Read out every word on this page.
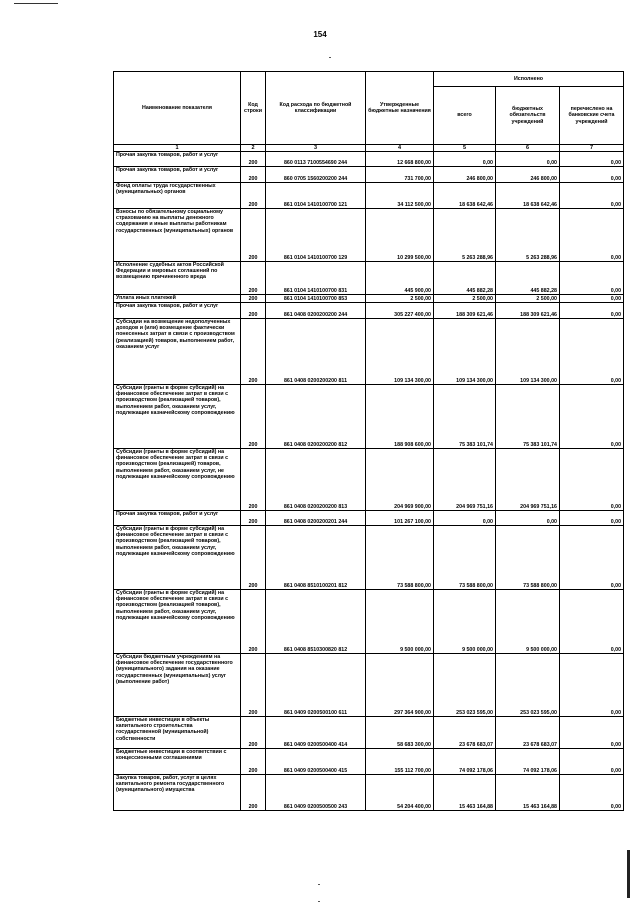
154
Наименование показателя	Код строки	Код расхода по бюджетной классификации	Утвержденные бюджетные назначения	Исполнено		
				всего	бюджетных обязательств учреждений	перечислено на банковские счета учреждений
1	2	3	4	5	6	7
Прочая закупка товаров, работ и услуг	200	860 0113 7100554690 244	12 668 800,00	0,00	0,00	0,00
Прочая закупка товаров, работ и услуг	200	860 0705 1560200200 244	731 700,00	246 800,00	246 800,00	0,00
Фонд оплаты труда государственных (муниципальных) органов	200	861 0104 1410100700 121	34 112 500,00	18 638 642,46	18 638 642,46	0,00
Взносы по обязательному социальному страхованию на выплаты денежного содержания и иные выплаты работникам государственных (муниципальных) органов	200	861 0104 1410100700 129	10 299 500,00	5 263 288,96	5 263 288,96	0,00
Исполнение судебных актов Российской Федерации и мировых соглашений по возмещению причиненного вреда	200	861 0104 1410100700 831	445 900,00	445 882,28	445 882,28	0,00
Уплата иных платежей	200	861 0104 1410100700 853	2 500,00	2 500,00	2 500,00	0,00
Прочая закупка товаров, работ и услуг	200	861 0408 0200200200 244	305 227 400,00	188 309 621,46	188 309 621,46	0,00
Субсидии на возмещение недополученных доходов и (или) возмещение фактически понесенных затрат в связи с производством (реализацией) товаров, выполнением работ, оказанием услуг	200	861 0408 0200200200 811	109 134 300,00	109 134 300,00	109 134 300,00	0,00
Субсидии (гранты в форме субсидий) на финансовое обеспечение затрат в связи с производством (реализацией товаров), выполнением работ, оказанием услуг, подлежащие казначейскому сопровождению	200	861 0408 0200200200 812	188 908 600,00	75 383 101,74	75 383 101,74	0,00
Субсидии (гранты в форме субсидий) на финансовое обеспечение затрат в связи с производством (реализацией) товаров, выполнением работ, оказанием услуг, не подлежащие казначейскому сопровождению	200	861 0408 0200200200 813	204 969 900,00	204 969 751,16	204 969 751,16	0,00
Прочая закупка товаров, работ и услуг	200	861 0408 0200200201 244	101 267 100,00	0,00	0,00	0,00
Субсидии (гранты в форме субсидий) на финансовое обеспечение затрат в связи с производством (реализацией товаров), выполнением работ, оказанием услуг, подлежащие казначейскому сопровождению	200	861 0408 8510100201 812	73 588 800,00	73 588 800,00	73 588 800,00	0,00
Субсидии (гранты в форме субсидий) на финансовое обеспечение затрат в связи с производством (реализацией товаров), выполнением работ, оказанием услуг, подлежащие казначейскому сопровождению	200	861 0408 8510300820 812	9 500 000,00	9 500 000,00	9 500 000,00	0,00
Субсидии бюджетным учреждениям на финансовое обеспечение государственного (муниципального) задания на оказание государственных (муниципальных) услуг (выполнение работ)	200	861 0409 0200500100 611	297 364 900,00	253 023 595,00	253 023 595,00	0,00
Бюджетные инвестиции в объекты капитального строительства государственной (муниципальной) собственности	200	861 0409 0200500400 414	58 683 300,00	23 678 683,07	23 678 683,07	0,00
Бюджетные инвестиции в соответствии с концессионными соглашениями	200	861 0409 0200500400 415	155 112 700,00	74 092 178,06	74 092 178,06	0,00
Закупка товаров, работ, услуг в целях капитального ремонта государственного (муниципального) имущества	200	861 0409 0200500500 243	54 204 400,00	15 463 164,88	15 463 164,88	0,00
